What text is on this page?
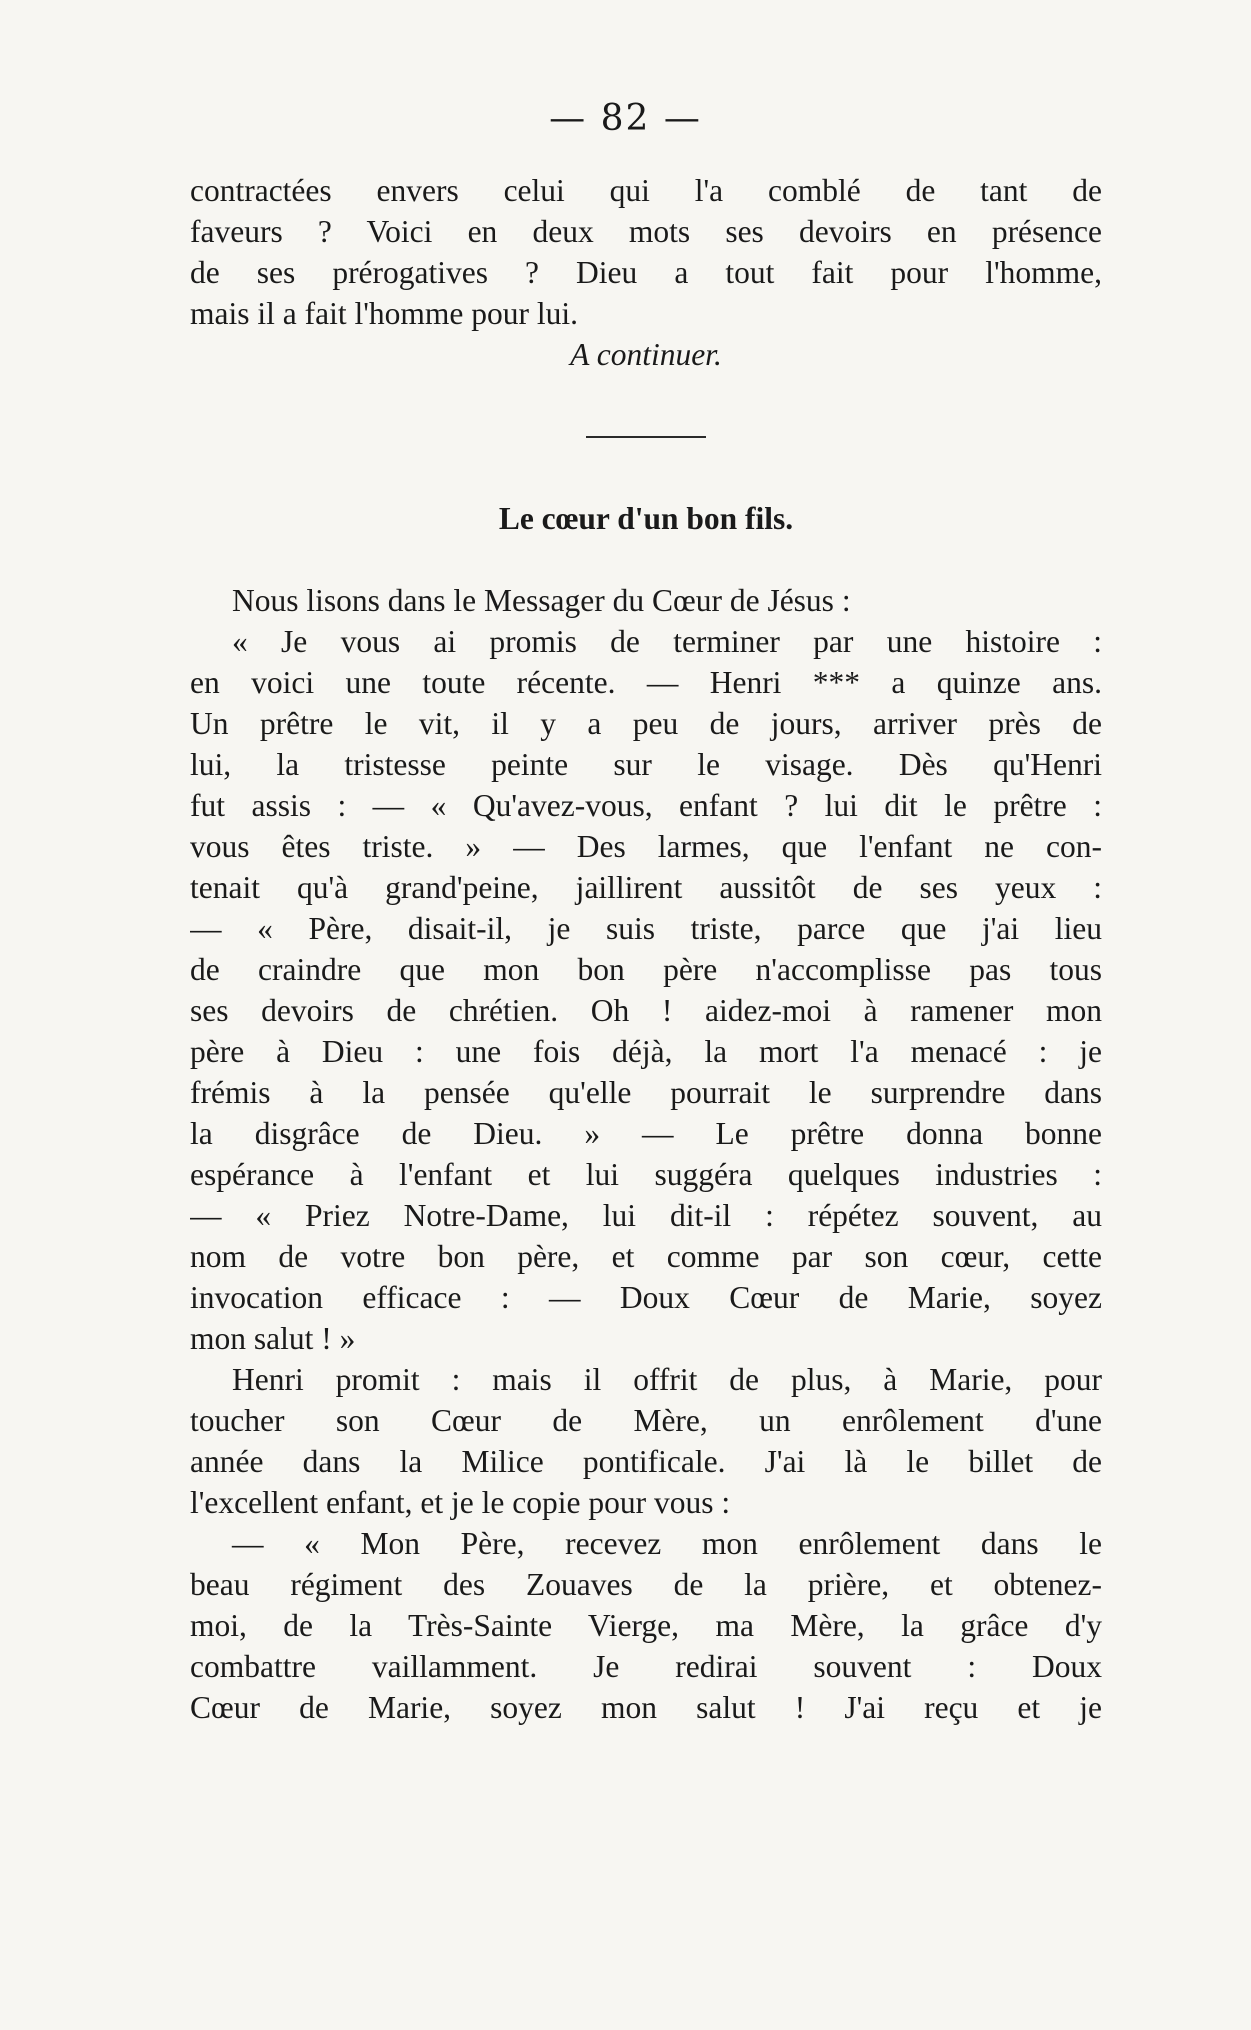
— 82 —
contractées envers celui qui l'a comblé de tant de
faveurs ? Voici en deux mots ses devoirs en présence
de ses prérogatives ? Dieu a tout fait pour l'homme,
mais il a fait l'homme pour lui.
A continuer.
Le cœur d'un bon fils.
Nous lisons dans le Messager du Cœur de Jésus :
« Je vous ai promis de terminer par une histoire :
en voici une toute récente. — Henri *** a quinze ans.
Un prêtre le vit, il y a peu de jours, arriver près de
lui, la tristesse peinte sur le visage. Dès qu'Henri
fut assis : — « Qu'avez-vous, enfant ? lui dit le prêtre :
vous êtes triste. » — Des larmes, que l'enfant ne con-
tenait qu'à grand'peine, jaillirent aussitôt de ses yeux :
— « Père, disait-il, je suis triste, parce que j'ai lieu
de craindre que mon bon père n'accomplisse pas tous
ses devoirs de chrétien. Oh ! aidez-moi à ramener mon
père à Dieu : une fois déjà, la mort l'a menacé : je
frémis à la pensée qu'elle pourrait le surprendre dans
la disgrâce de Dieu. » — Le prêtre donna bonne
espérance à l'enfant et lui suggéra quelques industries :
— « Priez Notre-Dame, lui dit-il : répétez souvent, au
nom de votre bon père, et comme par son cœur, cette
invocation efficace : — Doux Cœur de Marie, soyez
mon salut ! »
Henri promit : mais il offrit de plus, à Marie, pour
toucher son Cœur de Mère, un enrôlement d'une
année dans la Milice pontificale. J'ai là le billet de
l'excellent enfant, et je le copie pour vous :
— « Mon Père, recevez mon enrôlement dans le
beau régiment des Zouaves de la prière, et obtenez-
moi, de la Très-Sainte Vierge, ma Mère, la grâce d'y
combattre vaillamment. Je redirai souvent : Doux
Cœur de Marie, soyez mon salut ! J'ai reçu et je
